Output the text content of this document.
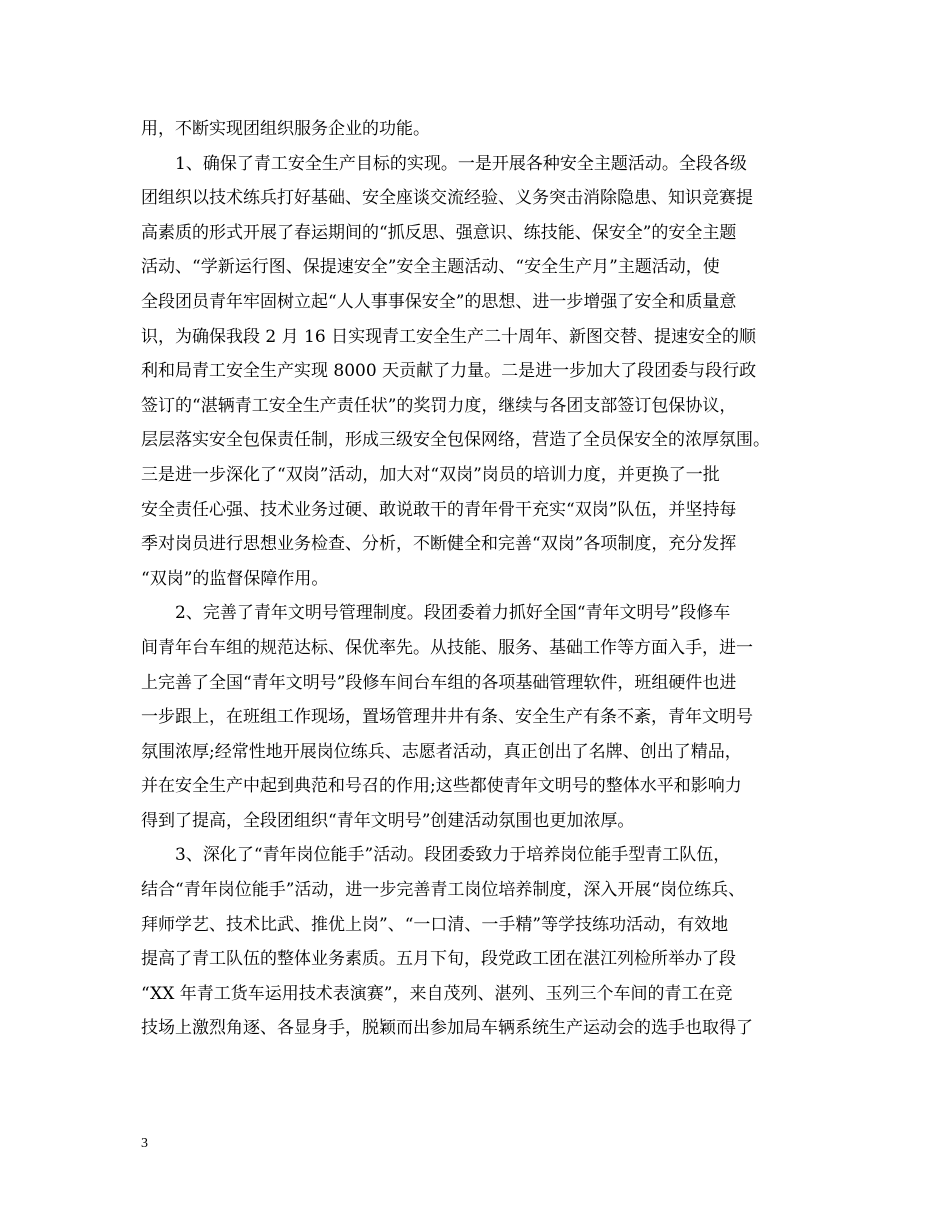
用，不断实现团组织服务企业的功能。
1、确保了青工安全生产目标的实现。一是开展各种安全主题活动。全段各级
团组织以技术练兵打好基础、安全座谈交流经验、义务突击消除隐患、知识竞赛提
高素质的形式开展了春运期间的“抓反思、强意识、练技能、保安全”的安全主题
活动、“学新运行图、保提速安全”安全主题活动、“安全生产月”主题活动，使
全段团员青年牢固树立起“人人事事保安全”的思想、进一步增强了安全和质量意
识，为确保我段 2 月 16 日实现青工安全生产二十周年、新图交替、提速安全的顺
利和局青工安全生产实现 8000 天贡献了力量。二是进一步加大了段团委与段行政
签订的“湛辆青工安全生产责任状”的奖罚力度，继续与各团支部签订包保协议，
层层落实安全包保责任制，形成三级安全包保网络，营造了全员保安全的浓厚氛围。
三是进一步深化了“双岗”活动，加大对“双岗”岗员的培训力度，并更换了一批
安全责任心强、技术业务过硬、敢说敢干的青年骨干充实“双岗”队伍，并坚持每
季对岗员进行思想业务检查、分析，不断健全和完善“双岗”各项制度，充分发挥
“双岗”的监督保障作用。
2、完善了青年文明号管理制度。段团委着力抓好全国“青年文明号”段修车
间青年台车组的规范达标、保优率先。从技能、服务、基础工作等方面入手，进一
上完善了全国“青年文明号”段修车间台车组的各项基础管理软件，班组硬件也进
一步跟上，在班组工作现场，置场管理井井有条、安全生产有条不紊，青年文明号
氛围浓厚;经常性地开展岗位练兵、志愿者活动，真正创出了名牌、创出了精品，
并在安全生产中起到典范和号召的作用;这些都使青年文明号的整体水平和影响力
得到了提高，全段团组织“青年文明号”创建活动氛围也更加浓厚。
3、深化了“青年岗位能手”活动。段团委致力于培养岗位能手型青工队伍，
结合“青年岗位能手”活动，进一步完善青工岗位培养制度，深入开展“岗位练兵、
拜师学艺、技术比武、推优上岗”、“一口清、一手精”等学技练功活动，有效地
提高了青工队伍的整体业务素质。五月下旬，段党政工团在湛江列检所举办了段
“XX 年青工货车运用技术表演赛”，来自茂列、湛列、玉列三个车间的青工在竞
技场上激烈角逐、各显身手，脱颖而出参加局车辆系统生产运动会的选手也取得了
3
